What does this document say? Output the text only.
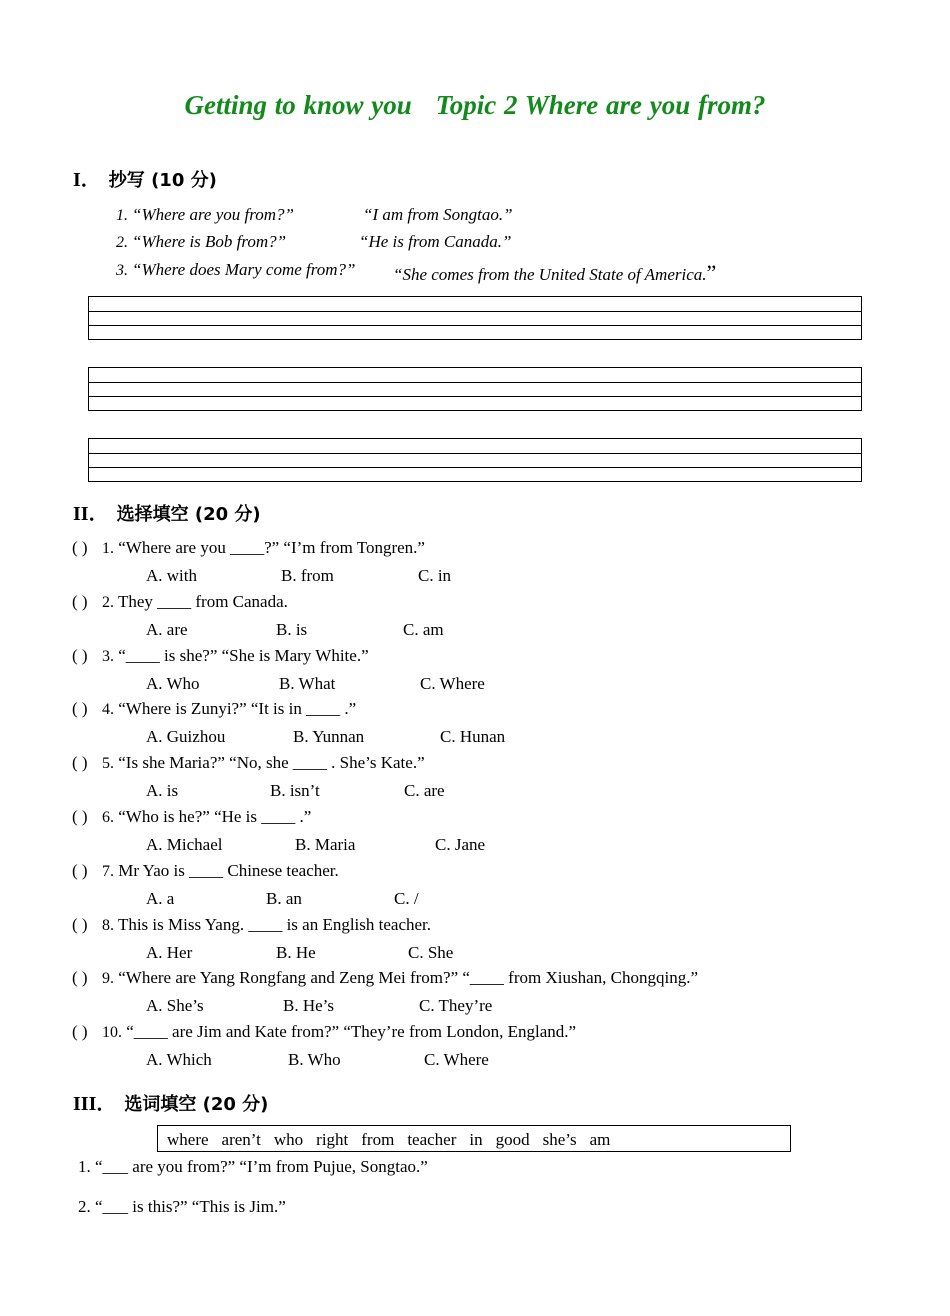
Getting to know you Topic 2 Where are you from?
I． 抄写 (10 分)
1. “Where are you from?”	“I am from Songtao.”
2. “Where is Bob from?”	“He is from Canada.”
3. “Where does Mary come from?” “She comes from the United State of America.”
II． 选择填空 (20 分)
( ) 1. “Where are you ____?” “I’m from Tongren.”
A. with	B. from	C. in
( ) 2. They ____ from Canada.
A. are	B. is	C. am
( ) 3. “____ is she?” “She is Mary White.”
A. Who	B. What	C. Where
( ) 4. “Where is Zunyi?” “It is in ____ .”
A. Guizhou	B. Yunnan	C. Hunan
( ) 5. “Is she Maria?” “No, she ____ . She’s Kate.”
A. is	B. isn’t	C. are
( ) 6. “Who is he?” “He is ____ .”
A. Michael	B. Maria	C. Jane
( ) 7. Mr Yao is ____ Chinese teacher.
A. a	B. an	C. /
( ) 8. This is Miss Yang. ____ is an English teacher.
A. Her	B. He	C. She
( ) 9. “Where are Yang Rongfang and Zeng Mei from?” “____ from Xiushan, Chongqing.”
A. She’s	B. He’s	C. They’re
( ) 10. “____ are Jim and Kate from?” “They’re from London, England.”
A. Which	B. Who	C. Where
III． 选词填空 (20 分)
where aren’t who right from teacher in good she’s am
1. “___ are you from?” “I’m from Pujue, Songtao.”
2. “___ is this?” “This is Jim.”
